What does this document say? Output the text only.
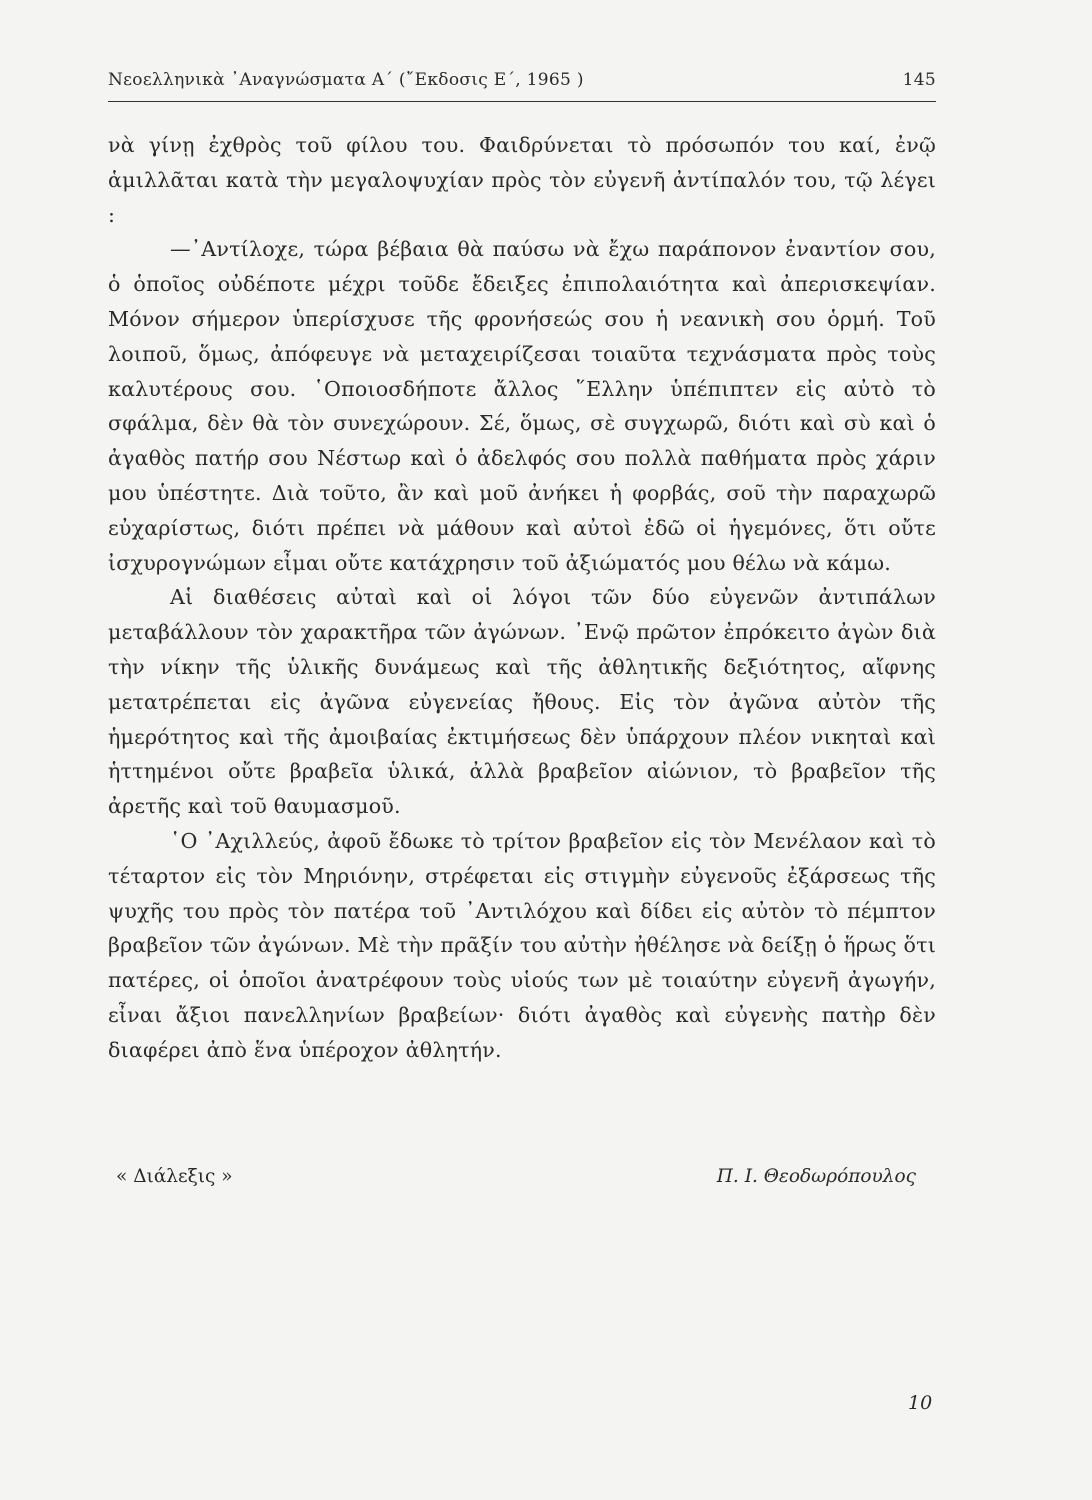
Νεοελληνικὰ ᾿Αναγνώσματα Α΄ (῎Εκδοσις Ε΄, 1965 )	145

νὰ γίνῃ ἐχθρὸς τοῦ φίλου του. Φαιδρύνεται τὸ πρόσωπόν του καί, ἐνῷ ἁμιλλᾶται κατὰ τὴν μεγαλοψυχίαν πρὸς τὸν εὐγενῆ ἀντίπαλόν του, τῷ λέγει :

—᾿Αντίλοχε, τώρα βέβαια θὰ παύσω νὰ ἔχω παράπονον ἐναντίον σου, ὁ ὁποῖος οὐδέποτε μέχρι τοῦδε ἔδειξες ἐπιπολαιότητα καὶ ἀπερισκεψίαν. Μόνον σήμερον ὑπερίσχυσε τῆς φρονήσεώς σου ἡ νεανικὴ σου ὁρμή. Τοῦ λοιποῦ, ὅμως, ἀπόφευγε νὰ μεταχειρίζεσαι τοιαῦτα τεχνάσματα πρὸς τοὺς καλυτέρους σου. ῾Οποιοσδήποτε ἄλλος ῞Ελλην ὑπέπιπτεν εἰς αὐτὸ τὸ σφάλμα, δὲν θὰ τὸν συνεχώρουν. Σέ, ὅμως, σὲ συγχωρῶ, διότι καὶ σὺ καὶ ὁ ἀγαθὸς πατήρ σου Νέστωρ καὶ ὁ ἀδελφός σου πολλὰ παθήματα πρὸς χάριν μου ὑπέστητε. Διὰ τοῦτο, ἂν καὶ μοῦ ἀνήκει ἡ φορβάς, σοῦ τὴν παραχωρῶ εὐχαρίστως, διότι πρέπει νὰ μάθουν καὶ αὐτοὶ ἐδῶ οἱ ἡγεμόνες, ὅτι οὔτε ἰσχυρογνώμων εἶμαι οὔτε κατάχρησιν τοῦ ἀξιώματός μου θέλω νὰ κάμω.

Αἱ διαθέσεις αὐταὶ καὶ οἱ λόγοι τῶν δύο εὐγενῶν ἀντιπάλων μεταβάλλουν τὸν χαρακτῆρα τῶν ἀγώνων. ᾿Ενῷ πρῶτον ἐπρόκειτο ἀγὼν διὰ τὴν νίκην τῆς ὑλικῆς δυνάμεως καὶ τῆς ἀθλητικῆς δεξιότητος, αἴφνης μετατρέπεται εἰς ἀγῶνα εὐγενείας ἤθους. Εἰς τὸν ἀγῶνα αὐτὸν τῆς ἡμερότητος καὶ τῆς ἀμοιβαίας ἐκτιμήσεως δὲν ὑπάρχουν πλέον νικηταὶ καὶ ἡττημένοι οὔτε βραβεῖα ὑλικά, ἀλλὰ βραβεῖον αἰώνιον, τὸ βραβεῖον τῆς ἀρετῆς καὶ τοῦ θαυμασμοῦ.

῾Ο ᾿Αχιλλεύς, ἀφοῦ ἔδωκε τὸ τρίτον βραβεῖον εἰς τὸν Μενέλαον καὶ τὸ τέταρτον εἰς τὸν Μηριόνην, στρέφεται εἰς στιγμὴν εὐγενοῦς ἐξάρσεως τῆς ψυχῆς του πρὸς τὸν πατέρα τοῦ ᾿Αντιλόχου καὶ δίδει εἰς αὐτὸν τὸ πέμπτον βραβεῖον τῶν ἀγώνων. Μὲ τὴν πρᾶξίν του αὐτὴν ἠθέλησε νὰ δείξῃ ὁ ἥρως ὅτι πατέρες, οἱ ὁποῖοι ἀνατρέφουν τοὺς υἱούς των μὲ τοιαύτην εὐγενῆ ἀγωγήν, εἶναι ἄξιοι πανελληνίων βραβείων· διότι ἀγαθὸς καὶ εὐγενὴς πατὴρ δὲν διαφέρει ἀπὸ ἕνα ὑπέροχον ἀθλητήν.

« Διάλεξις »	Π. Ι. Θεοδωρόπουλος
10
